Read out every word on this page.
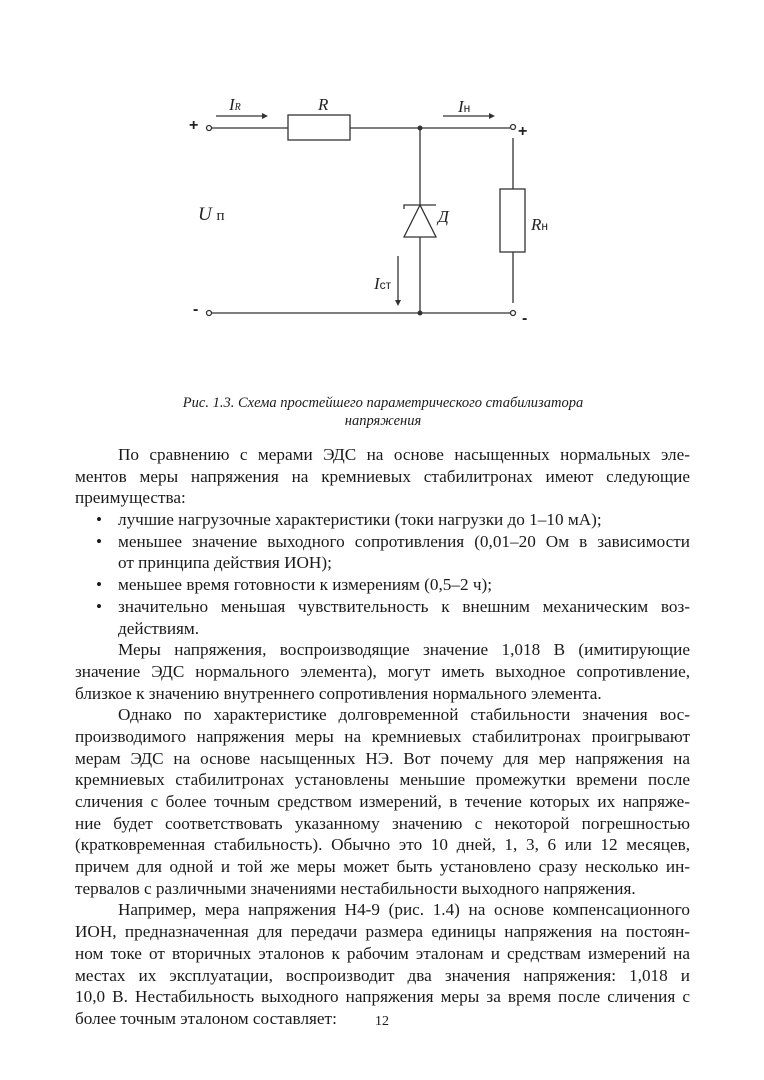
IR	R	Iн
U п	Д	Rн
Iст
+	+
-
-
Рис. 1.3. Схема простейшего параметрического стабилизатора
напряжения
По сравнению с мерами ЭДС на основе насыщенных нормальных эле-
ментов меры напряжения на кремниевых стабилитронах имеют следующие
преимущества:
• лучшие нагрузочные характеристики (токи нагрузки до 1–10 мА);
• меньшее значение выходного сопротивления (0,01–20 Ом в зависимости
от принципа действия ИОН);
• меньшее время готовности к измерениям (0,5–2 ч);
• значительно меньшая чувствительность к внешним механическим воз-
действиям.
Меры напряжения, воспроизводящие значение 1,018 В (имитирующие
значение ЭДС нормального элемента), могут иметь выходное сопротивление,
близкое к значению внутреннего сопротивления нормального элемента.
Однако по характеристике долговременной стабильности значения вос-
производимого напряжения меры на кремниевых стабилитронах проигрывают
мерам ЭДС на основе насыщенных НЭ. Вот почему для мер напряжения на
кремниевых стабилитронах установлены меньшие промежутки времени после
сличения с более точным средством измерений, в течение которых их напряже-
ние будет соответствовать указанному значению с некоторой погрешностью
(кратковременная стабильность). Обычно это 10 дней, 1, 3, 6 или 12 месяцев,
причем для одной и той же меры может быть установлено сразу несколько ин-
тервалов с различными значениями нестабильности выходного напряжения.
Например, мера напряжения Н4-9 (рис. 1.4) на основе компенсационного
ИОН, предназначенная для передачи размера единицы напряжения на постоян-
ном токе от вторичных эталонов к рабочим эталонам и средствам измерений на
местах их эксплуатации, воспроизводит два значения напряжения: 1,018 и
10,0 В. Нестабильность выходного напряжения меры за время после сличения с
более точным эталоном составляет:	12
